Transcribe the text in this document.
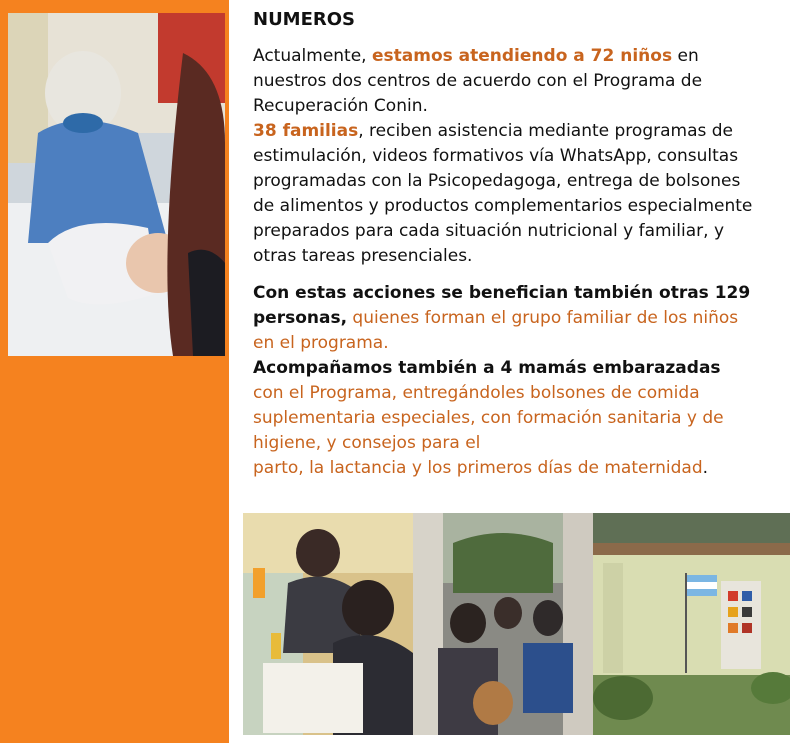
NUMEROS

Actualmente, estamos atendiendo a 72 niños en nuestros dos centros de acuerdo con el Programa de Recuperación Conin.

38 familias, reciben asistencia mediante programas de estimulación, videos formativos vía WhatsApp, consultas programadas con la Psicopedagoga, entrega de bolsones de alimentos y productos complementarios especialmente preparados para cada situación nutricional y familiar, y otras tareas presenciales.

Con estas acciones se benefician también otras 129 personas, quienes forman el grupo familiar de los niños en el programa.

Acompañamos también a 4 mamás embarazadas con el Programa, entregándoles bolsones de comida suplementaria especiales, con formación sanitaria y de higiene, y consejos para el

parto, la lactancia y los primeros días de maternidad.
